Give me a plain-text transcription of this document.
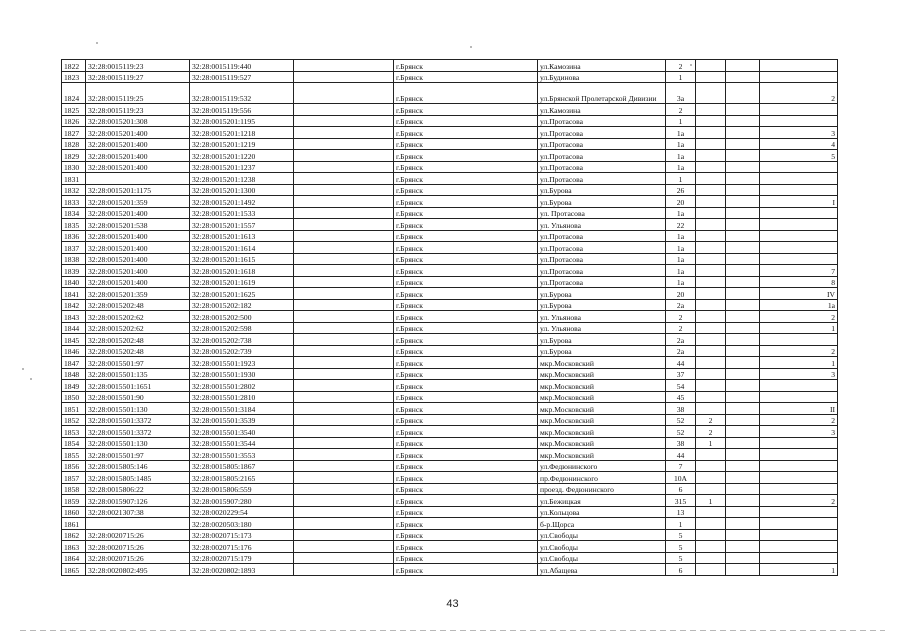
1822	32:28:0015119:23	32:28:0015119:440		г.Брянск	ул.Камозина	2			
1823	32:28:0015119:27	32:28:0015119:527		г.Брянск	ул.Будинова	1			
1824	32:28:0015119:25	32:28:0015119:532		г.Брянск	ул.Брянской Пролетарской Дивизии	3а			2
1825	32:28:0015119:23	32:28:0015119:556		г.Брянск	ул.Камозина	2			
1826	32:28:0015201:308	32:28:0015201:1195		г.Брянск	ул.Протасова	1			
1827	32:28:0015201:400	32:28:0015201:1218		г.Брянск	ул.Протасова	1а			3
1828	32:28:0015201:400	32:28:0015201:1219		г.Брянск	ул.Протасова	1а			4
1829	32:28:0015201:400	32:28:0015201:1220		г.Брянск	ул.Протасова	1а			5
1830	32:28:0015201:400	32:28:0015201:1237		г.Брянск	ул.Протасова	1а			
1831		32:28:0015201:1238		г.Брянск	ул.Протасова	1			
1832	32:28:0015201:1175	32:28:0015201:1300		г.Брянск	ул.Бурова	26			
1833	32:28:0015201:359	32:28:0015201:1492		г.Брянск	ул.Бурова	20			I
1834	32:28:0015201:400	32:28:0015201:1533		г.Брянск	ул. Протасова	1а			
1835	32:28:0015201:538	32:28:0015201:1557		г.Брянск	ул. Ульянова	22			
1836	32:28:0015201:400	32:28:0015201:1613		г.Брянск	ул.Протасова	1а			
1837	32:28:0015201:400	32:28:0015201:1614		г.Брянск	ул.Протасова	1а			
1838	32:28:0015201:400	32:28:0015201:1615		г.Брянск	ул.Протасова	1а			
1839	32:28:0015201:400	32:28:0015201:1618		г.Брянск	ул.Протасова	1а			7
1840	32:28:0015201:400	32:28:0015201:1619		г.Брянск	ул.Протасова	1а			8
1841	32:28:0015201:359	32:28:0015201:1625		г.Брянск	ул.Бурова	20			IV
1842	32:28:0015202:48	32:28:0015202:182		г.Брянск	ул.Бурова	2а			1а
1843	32:28:0015202:62	32:28:0015202:500		г.Брянск	ул. Ульянова	2			2
1844	32:28:0015202:62	32:28:0015202:598		г.Брянск	ул. Ульянова	2			1
1845	32:28:0015202:48	32:28:0015202:738		г.Брянск	ул.Бурова	2а			
1846	32:28:0015202:48	32:28:0015202:739		г.Брянск	ул.Бурова	2а			2
1847	32:28:0015501:97	32:28:0015501:1923		г.Брянск	мкр.Московский	44			1
1848	32:28:0015501:135	32:28:0015501:1930		г.Брянск	мкр.Московский	37			3
1849	32:28:0015501:1651	32:28:0015501:2802		г.Брянск	мкр.Московский	54			
1850	32:28:0015501:90	32:28:0015501:2810		г.Брянск	мкр.Московский	45			
1851	32:28:0015501:130	32:28:0015501:3184		г.Брянск	мкр.Московский	38			II
1852	32:28:0015501:3372	32:28:0015501:3539		г.Брянск	мкр.Московский	52	2		2
1853	32:28:0015501:3372	32:28:0015501:3540		г.Брянск	мкр.Московский	52	2		3
1854	32:28:0015501:130	32:28:0015501:3544		г.Брянск	мкр.Московский	38	1		
1855	32:28:0015501:97	32:28:0015501:3553		г.Брянск	мкр.Московский	44			
1856	32:28:0015805:146	32:28:0015805:1867		г.Брянск	ул.Федюнинского	7			
1857	32:28:0015805:1485	32:28:0015805:2165		г.Брянск	пр.Федюнинского	10А			
1858	32:28:0015806:22	32:28:0015806:559		г.Брянск	проезд. Федюнинского	6			
1859	32:28:0015907:126	32:28:0015907:280		г.Брянск	ул.Бежицкая	315	1		2
1860	32:28:0021307:38	32:28:0020229:54		г.Брянск	ул.Кольцова	13			
1861		32:28:0020503:180		г.Брянск	б-р.Щорса	1			
1862	32:28:0020715:26	32:28:0020715:173		г.Брянск	ул.Свободы	5			
1863	32:28:0020715:26	32:28:0020715:176		г.Брянск	ул.Свободы	5			
1864	32:28:0020715:26	32:28:0020715:179		г.Брянск	ул.Свободы	5			
1865	32:28:0020802:495	32:28:0020802:1893		г.Брянск	ул.Абащева	6			1
43
